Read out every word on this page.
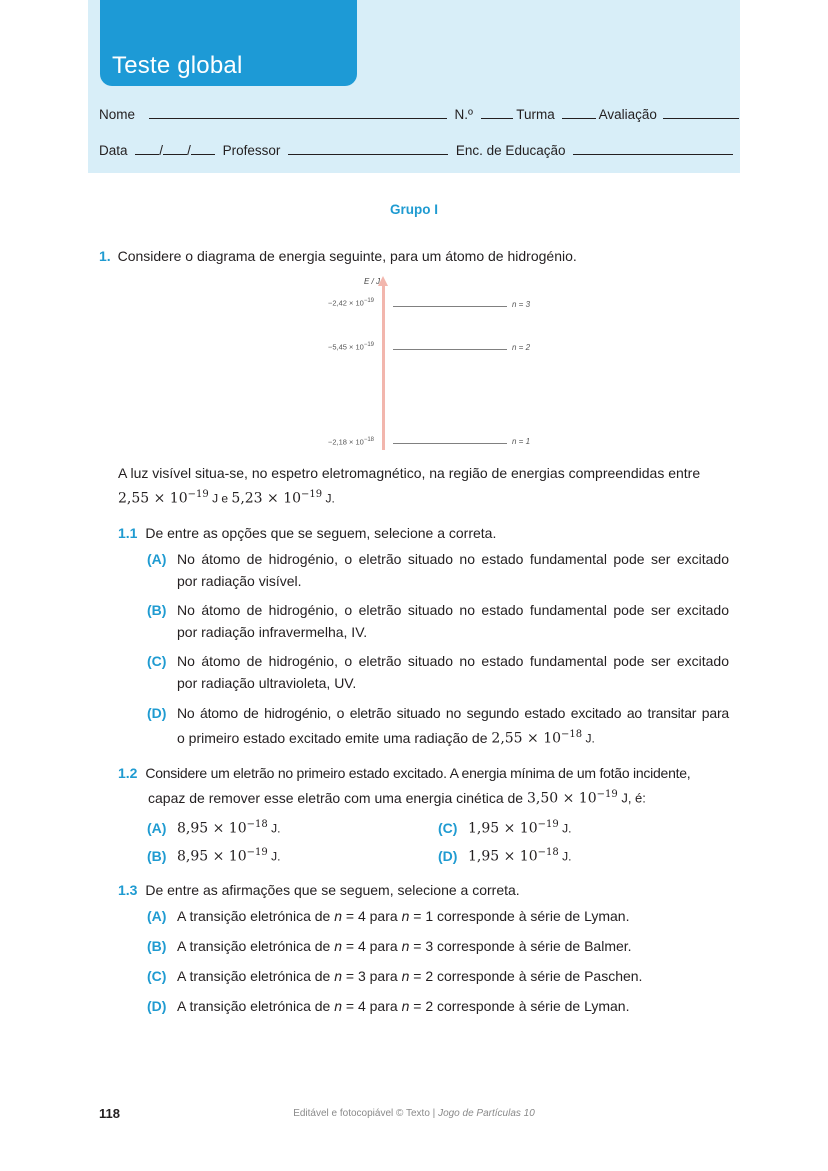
Teste global
Nome	N.º	Turma	Avaliação
Data / / Professor	Enc. de Educação
Grupo I
1. Considere o diagrama de energia seguinte, para um átomo de hidrogénio.
E / J
$-2,42 \times 10^{-19}$	n = 3
$-5,45 \times 10^{-19}$	n = 2
$-2,18 \times 10^{-18}$	n = 1
A luz visível situa-se, no espetro eletromagnético, na região de energias compreendidas entre
$2,55 \times 10^{-19}$ J e $5,23 \times 10^{-19}$ J.
1.1 De entre as opções que se seguem, selecione a correta.
(A) No átomo de hidrogénio, o eletrão situado no estado fundamental pode ser excitado
por radiação visível.
(B) No átomo de hidrogénio, o eletrão situado no estado fundamental pode ser excitado
por radiação infravermelha, IV.
(C) No átomo de hidrogénio, o eletrão situado no estado fundamental pode ser excitado
por radiação ultravioleta, UV.
(D) No átomo de hidrogénio, o eletrão situado no segundo estado excitado ao transitar para
o primeiro estado excitado emite uma radiação de $2,55 \times 10^{-18}$ J.
1.2 Considere um eletrão no primeiro estado excitado. A energia mínima de um fotão incidente,
capaz de remover esse eletrão com uma energia cinética de $3,50 \times 10^{-19}$ J, é:
(A) $8,95 \times 10^{-18}$ J.
(B) $8,95 \times 10^{-19}$ J.
(C) $1,95 \times 10^{-19}$ J.
(D) $1,95 \times 10^{-18}$ J.
1.3 De entre as afirmações que se seguem, selecione a correta.
(A) A transição eletrónica de n = 4 para n = 1 corresponde à série de Lyman.
(B) A transição eletrónica de n = 4 para n = 3 corresponde à série de Balmer.
(C) A transição eletrónica de n = 3 para n = 2 corresponde à série de Paschen.
(D) A transição eletrónica de n = 4 para n = 2 corresponde à série de Lyman.
118	Editável e fotocopiável © Texto | Jogo de Partículas 10
